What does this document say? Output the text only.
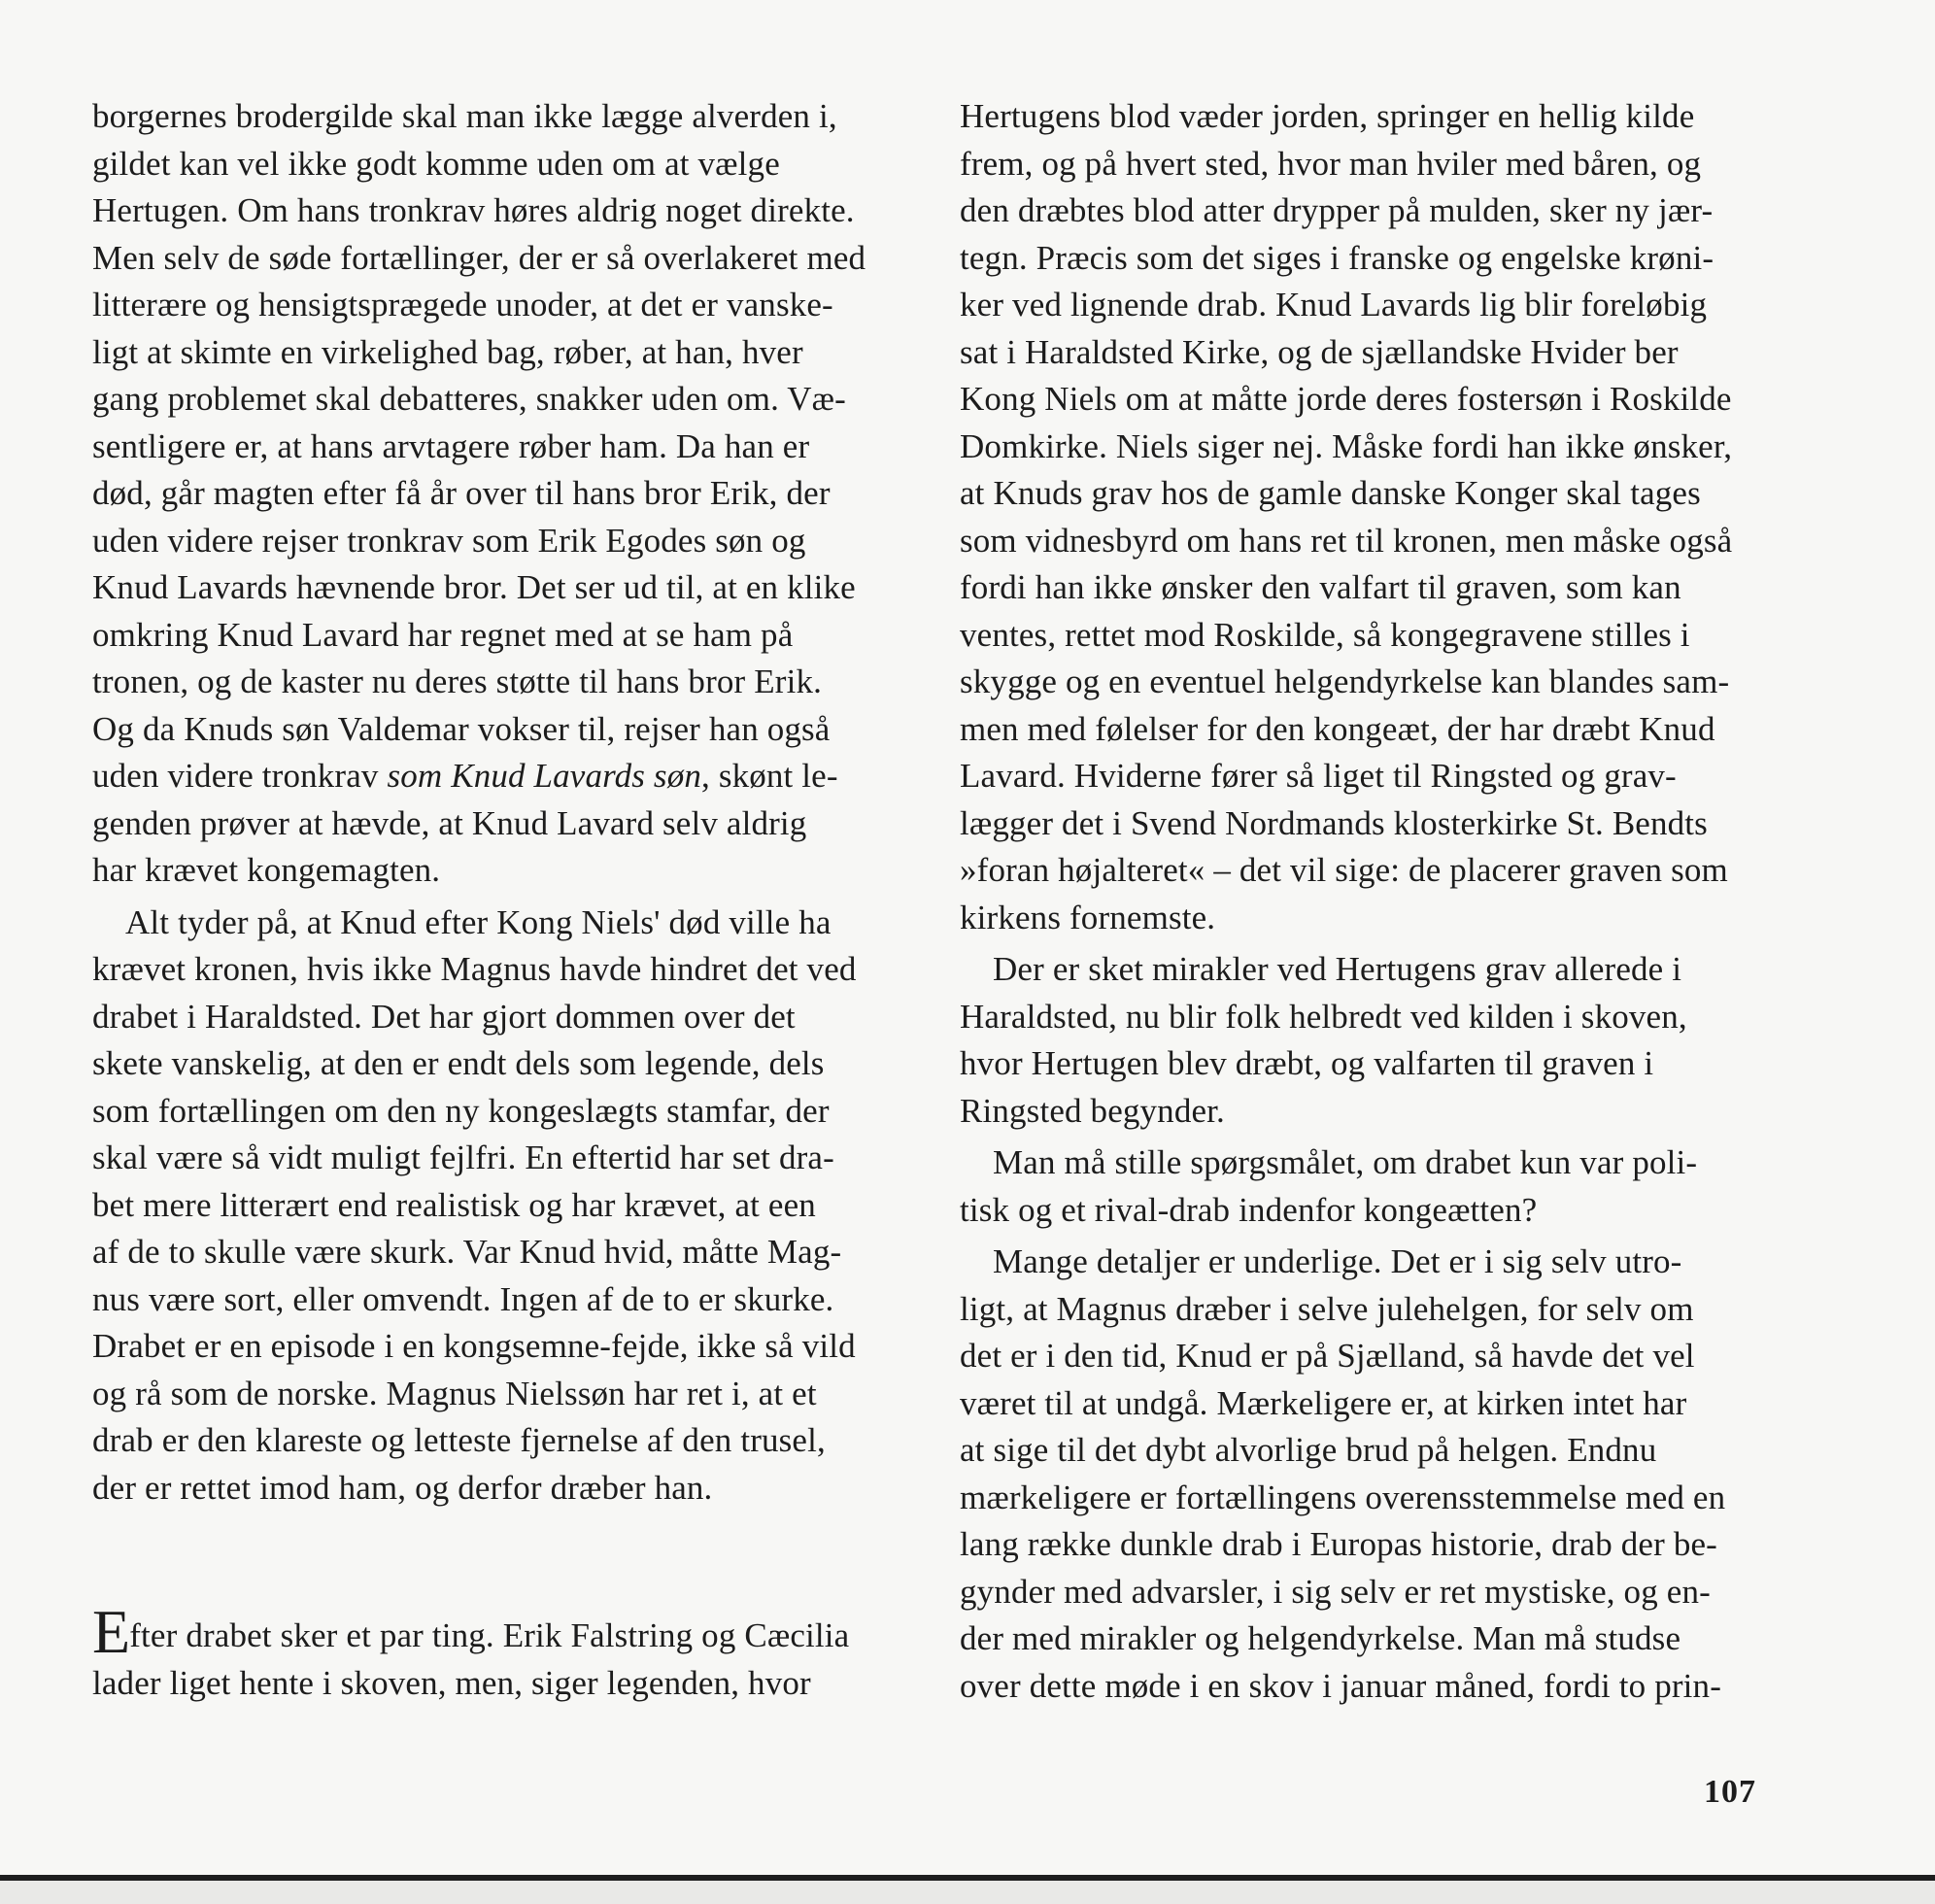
borgernes brodergilde skal man ikke lægge alverden i,
gildet kan vel ikke godt komme uden om at vælge
Hertugen. Om hans tronkrav høres aldrig noget direkte.
Men selv de søde fortællinger, der er så overlakeret med
litterære og hensigtsprægede unoder, at det er vanske-
ligt at skimte en virkelighed bag, røber, at han, hver
gang problemet skal debatteres, snakker uden om. Væ-
sentligere er, at hans arvtagere røber ham. Da han er
død, går magten efter få år over til hans bror Erik, der
uden videre rejser tronkrav som Erik Egodes søn og
Knud Lavards hævnende bror. Det ser ud til, at en klike
omkring Knud Lavard har regnet med at se ham på
tronen, og de kaster nu deres støtte til hans bror Erik.
Og da Knuds søn Valdemar vokser til, rejser han også
uden videre tronkrav som Knud Lavards søn, skønt le-
genden prøver at hævde, at Knud Lavard selv aldrig
har krævet kongemagten.
Alt tyder på, at Knud efter Kong Niels' død ville ha
krævet kronen, hvis ikke Magnus havde hindret det ved
drabet i Haraldsted. Det har gjort dommen over det
skete vanskelig, at den er endt dels som legende, dels
som fortællingen om den ny kongeslægts stamfar, der
skal være så vidt muligt fejlfri. En eftertid har set dra-
bet mere litterært end realistisk og har krævet, at een
af de to skulle være skurk. Var Knud hvid, måtte Mag-
nus være sort, eller omvendt. Ingen af de to er skurke.
Drabet er en episode i en kongsemne-fejde, ikke så vild
og rå som de norske. Magnus Nielssøn har ret i, at et
drab er den klareste og letteste fjernelse af den trusel,
der er rettet imod ham, og derfor dræber han.
Efter drabet sker et par ting. Erik Falstring og Cæcilia
lader liget hente i skoven, men, siger legenden, hvor
Hertugens blod væder jorden, springer en hellig kilde
frem, og på hvert sted, hvor man hviler med båren, og
den dræbtes blod atter drypper på mulden, sker ny jær-
tegn. Præcis som det siges i franske og engelske krøni-
ker ved lignende drab. Knud Lavards lig blir foreløbig
sat i Haraldsted Kirke, og de sjællandske Hvider ber
Kong Niels om at måtte jorde deres fostersøn i Roskilde
Domkirke. Niels siger nej. Måske fordi han ikke ønsker,
at Knuds grav hos de gamle danske Konger skal tages
som vidnesbyrd om hans ret til kronen, men måske også
fordi han ikke ønsker den valfart til graven, som kan
ventes, rettet mod Roskilde, så kongegravene stilles i
skygge og en eventuel helgendyrkelse kan blandes sam-
men med følelser for den kongeæt, der har dræbt Knud
Lavard. Hviderne fører så liget til Ringsted og grav-
lægger det i Svend Nordmands klosterkirke St. Bendts
»foran højalteret« – det vil sige: de placerer graven som
kirkens fornemste.
Der er sket mirakler ved Hertugens grav allerede i
Haraldsted, nu blir folk helbredt ved kilden i skoven,
hvor Hertugen blev dræbt, og valfarten til graven i
Ringsted begynder.
Man må stille spørgsmålet, om drabet kun var poli-
tisk og et rival-drab indenfor kongeætten?
Mange detaljer er underlige. Det er i sig selv utro-
ligt, at Magnus dræber i selve julehelgen, for selv om
det er i den tid, Knud er på Sjælland, så havde det vel
været til at undgå. Mærkeligere er, at kirken intet har
at sige til det dybt alvorlige brud på helgen. Endnu
mærkeligere er fortællingens overensstemmelse med en
lang række dunkle drab i Europas historie, drab der be-
gynder med advarsler, i sig selv er ret mystiske, og en-
der med mirakler og helgendyrkelse. Man må studse
over dette møde i en skov i januar måned, fordi to prin-
107
